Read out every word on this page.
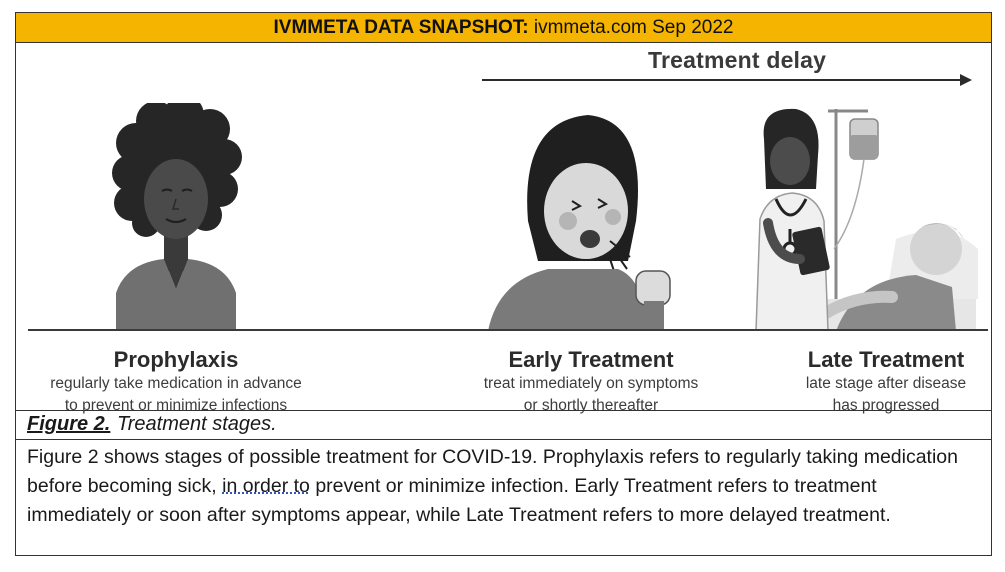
IVMMETA DATA SNAPSHOT: ivmmeta.com Sep 2022
Treatment delay
Prophylaxis
regularly take medication in advance
to prevent or minimize infections
Early Treatment
treat immediately on symptoms
or shortly thereafter
Late Treatment
late stage after disease
has progressed
Figure 2. Treatment stages.
Figure 2 shows stages of possible treatment for COVID-19. Prophylaxis refers to regularly taking medication before becoming sick, in order to prevent or minimize infection. Early Treatment refers to treatment immediately or soon after symptoms appear, while Late Treatment refers to more delayed treatment.
